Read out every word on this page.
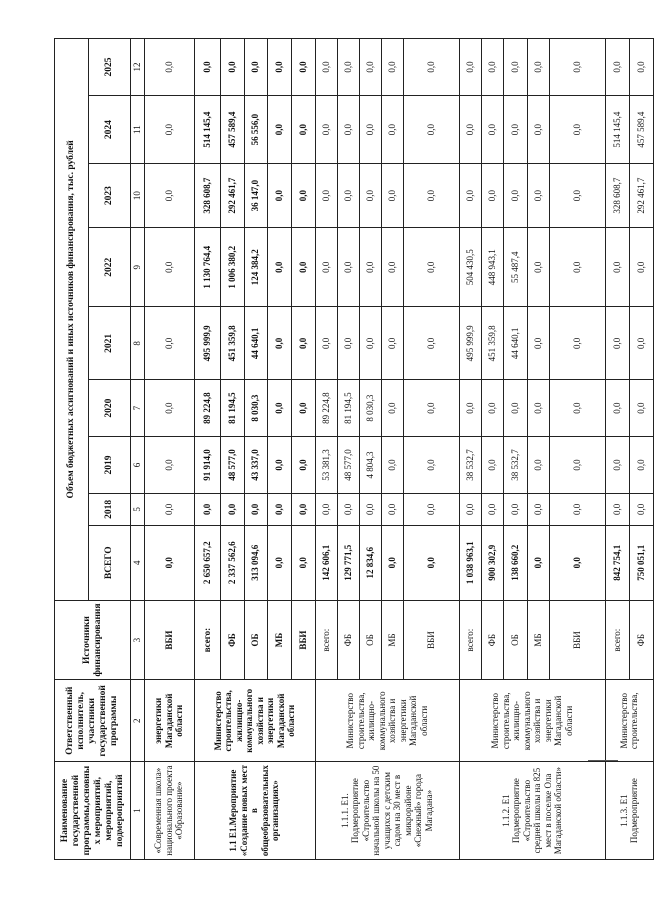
Наименование государственной программы,основных мероприятий, мероприятий, подмероприятий	Ответственный исполнитель, участники государственной программы	Источники финансирования	Объем бюджетных ассигнований и иных источников финансирования, тыс. рублей								
			ВСЕГО	2018	2019	2020	2021	2022	2023	2024	2025
1	2	3	4	5	6	7	8	9	10	11	12
«Современная школа» национального проекта «Образование»	энергетики Магаданской области	ВБИ	0,0	0,0	0,0	0,0	0,0	0,0	0,0	0,0	0,0
1.1 Е1.Мероприятие «Создание новых мест в общеобразовательных организациях»	Министерство строительства, жилищно-коммунального хозяйства и энергетики Магаданской области	всего:	2 650 657,2	0,0	91 914,0	89 224,8	495 999,9	1 130 764,4	328 608,7	514 145,4	0,0
		ФБ	2 337 562,6	0,0	48 577,0	81 194,5	451 359,8	1 006 380,2	292 461,7	457 589,4	0,0
		ОБ	313 094,6	0,0	43 337,0	8 030,3	44 640,1	124 384,2	36 147,0	56 556,0	0,0
		МБ	0,0	0,0	0,0	0,0	0,0	0,0	0,0	0,0	0,0
		ВБИ	0,0	0,0	0,0	0,0	0,0	0,0	0,0	0,0	0,0
1.1.1. Е1. Подмероприятие «Строительство начальной школы на 50 учащихся с детским садом на 30 мест в микрорайоне «Снежный» города Магадана»	Министерство строительства, жилищно-коммунального хозяйства и энергетики Магаданской области	всего:	142 606,1	0,0	53 381,3	89 224,8	0,0	0,0	0,0	0,0	0,0
		ФБ	129 771,5	0,0	48 577,0	81 194,5	0,0	0,0	0,0	0,0	0,0
		ОБ	12 834,6	0,0	4 804,3	8 030,3	0,0	0,0	0,0	0,0	0,0
		МБ	0,0	0,0	0,0	0,0	0,0	0,0	0,0	0,0	0,0
		ВБИ	0,0	0,0	0,0	0,0	0,0	0,0	0,0	0,0	0,0
1.1.2. Е1 Подмероприятие «Строительство средней школы на 825 мест в поселке Ола Магаданской области»	Министерство строительства, жилищно-коммунального хозяйства и энергетики Магаданской области	всего:	1 038 963,1	0,0	38 532,7	0,0	495 999,9	504 430,5	0,0	0,0	0,0
		ФБ	900 302,9	0,0	0,0	0,0	451 359,8	448 943,1	0,0	0,0	0,0
		ОБ	138 660,2	0,0	38 532,7	0,0	44 640,1	55 487,4	0,0	0,0	0,0
		МБ	0,0	0,0	0,0	0,0	0,0	0,0	0,0	0,0	0,0
		ВБИ	0,0	0,0	0,0	0,0	0,0	0,0	0,0	0,0	0,0
1.1.3. Е1 Подмероприятие	Министерство строительства,	всего:	842 754,1	0,0	0,0	0,0	0,0	0,0	328 608,7	514 145,4	0,0
		ФБ	750 051,1	0,0	0,0	0,0	0,0	0,0	292 461,7	457 589,4	0,0
